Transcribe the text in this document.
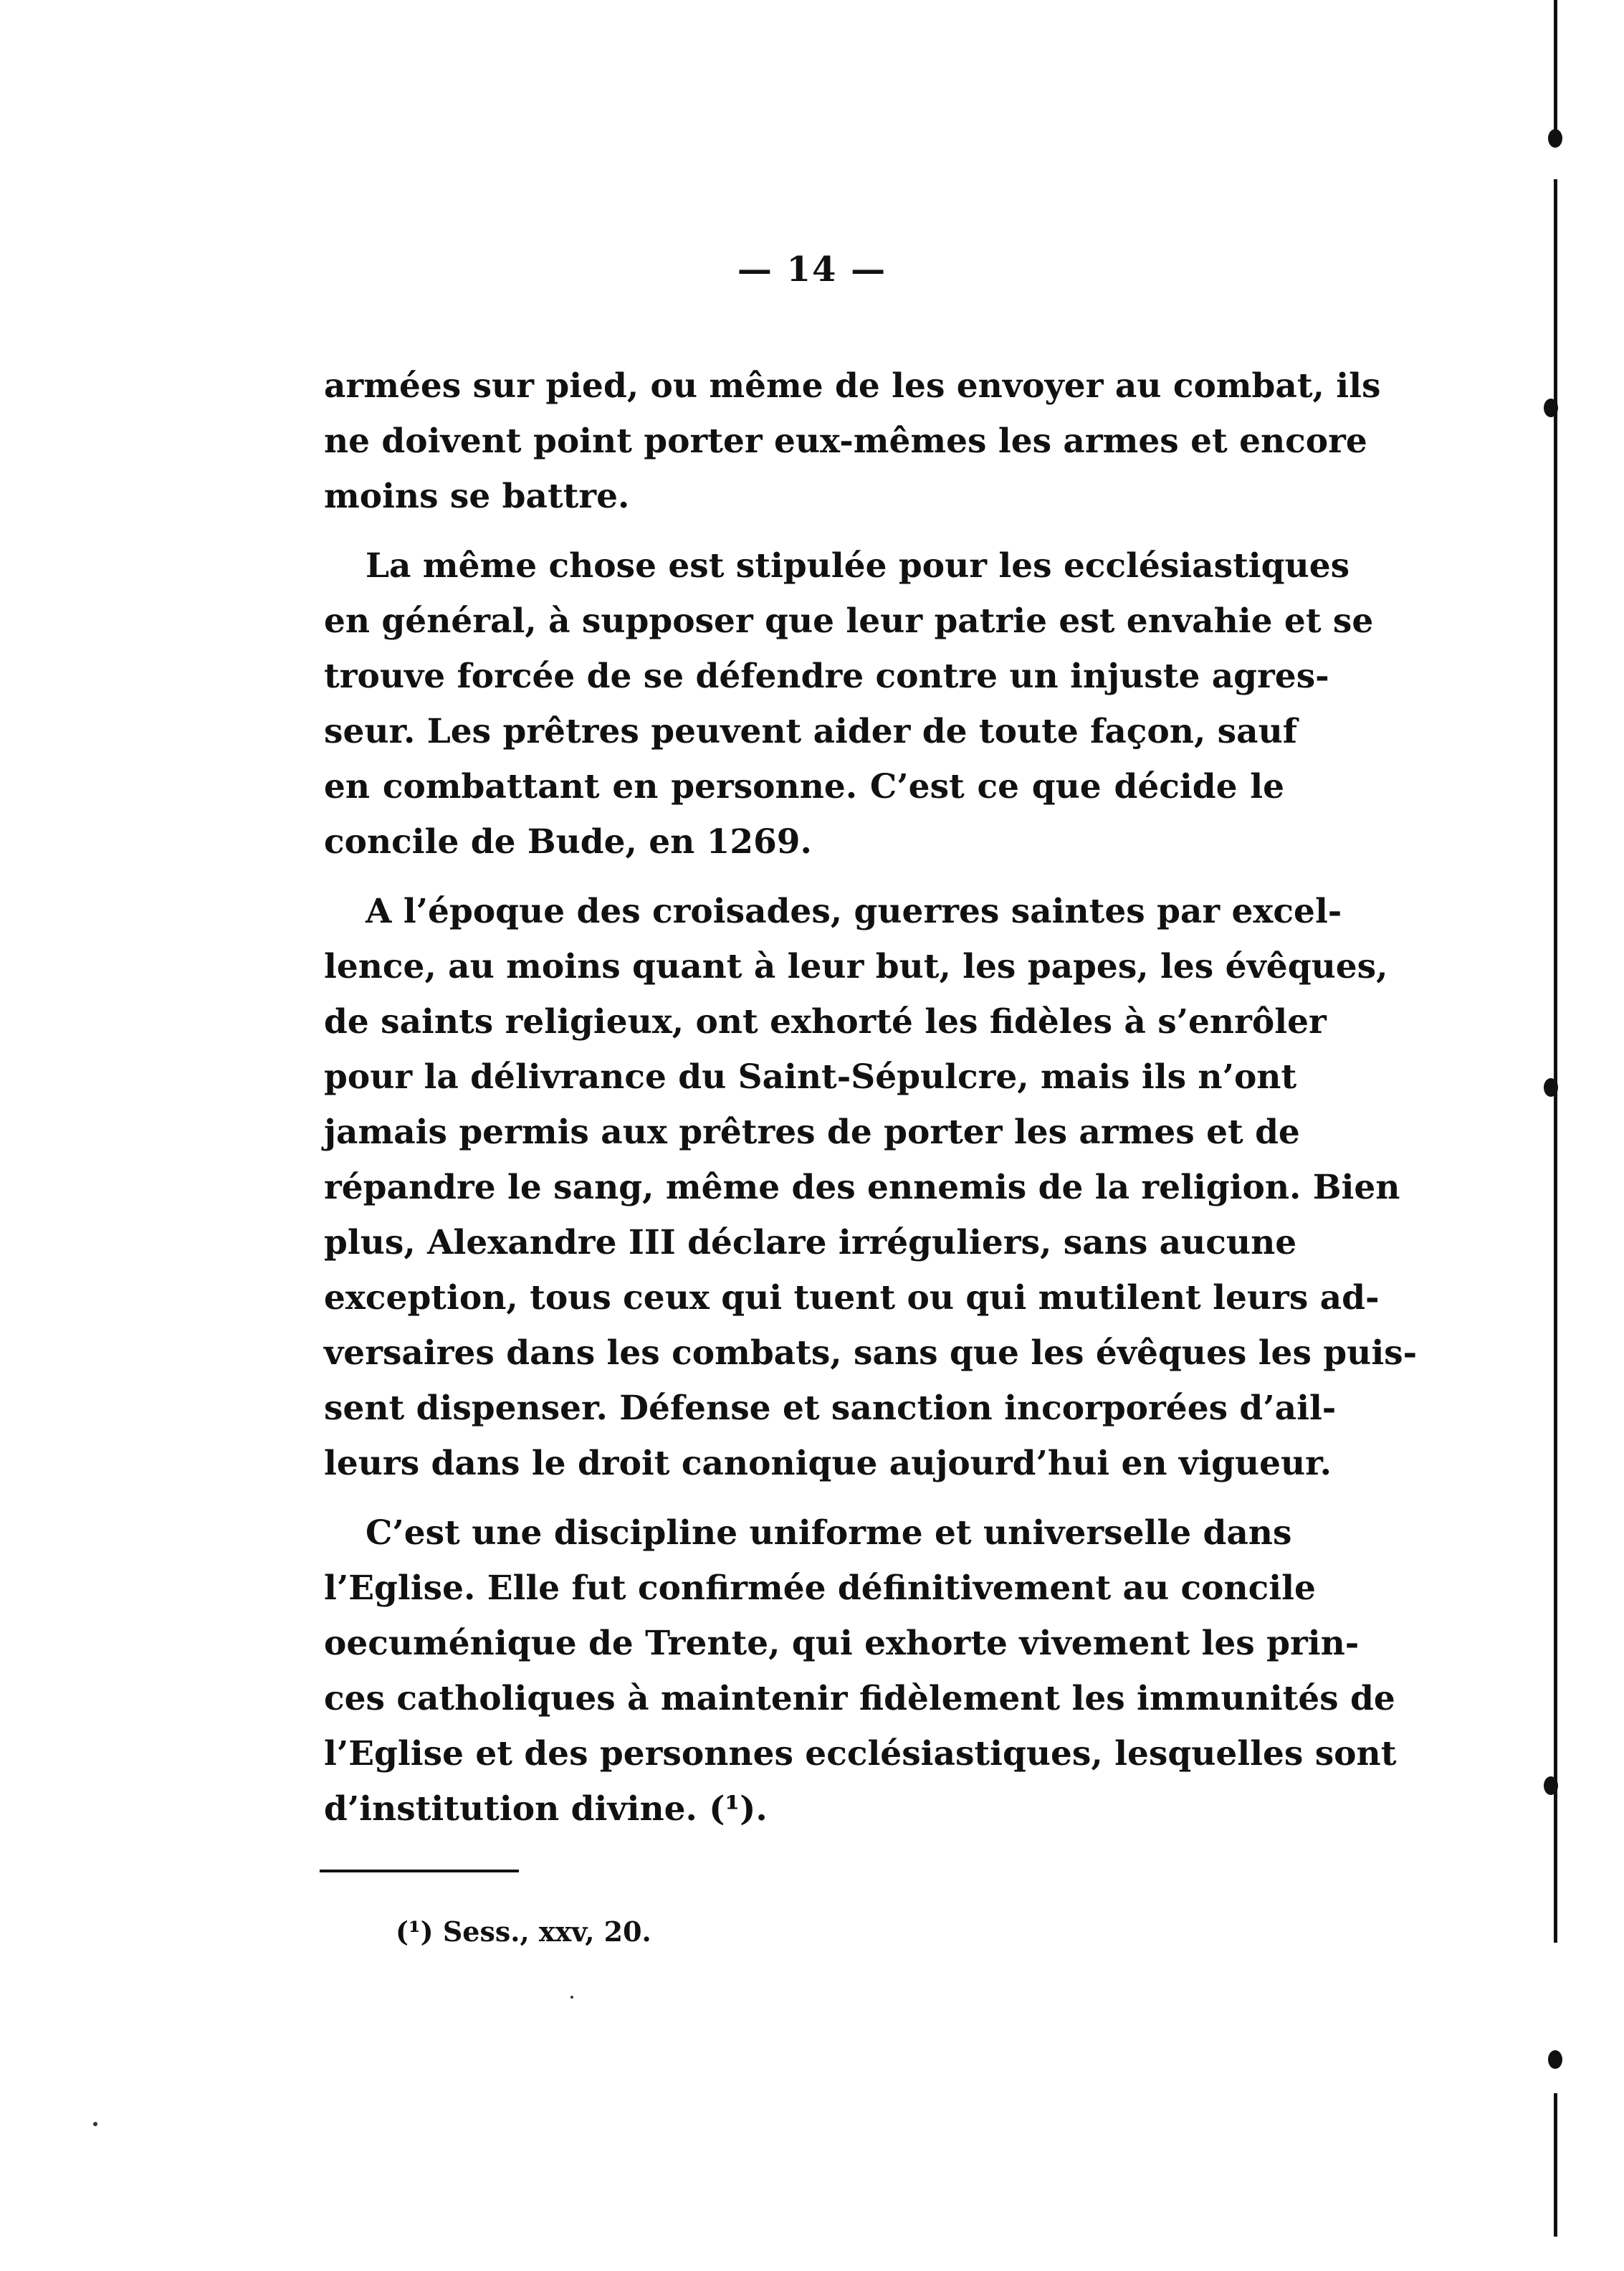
— 14 —

armées sur pied, ou même de les envoyer au combat, ils
ne doivent point porter eux-mêmes les armes et encore
moins se battre.

La même chose est stipulée pour les ecclésiastiques
en général, à supposer que leur patrie est envahie et se
trouve forcée de se défendre contre un injuste agres-
seur. Les prêtres peuvent aider de toute façon, sauf
en combattant en personne. C’est ce que décide le
concile de Bude, en 1269.

A l’époque des croisades, guerres saintes par excel-
lence, au moins quant à leur but, les papes, les évêques,
de saints religieux, ont exhorté les fidèles à s’enrôler
pour la délivrance du Saint-Sépulcre, mais ils n’ont
jamais permis aux prêtres de porter les armes et de
répandre le sang, même des ennemis de la religion. Bien
plus, Alexandre III déclare irréguliers, sans aucune
exception, tous ceux qui tuent ou qui mutilent leurs ad-
versaires dans les combats, sans que les évêques les puis-
sent dispenser. Défense et sanction incorporées d’ail-
leurs dans le droit canonique aujourd’hui en vigueur.

C’est une discipline uniforme et universelle dans
l’Eglise. Elle fut confirmée définitivement au concile
oecuménique de Trente, qui exhorte vivement les prin-
ces catholiques à maintenir fidèlement les immunités de
l’Eglise et des personnes ecclésiastiques, lesquelles sont
d’institution divine. (¹).

(¹) Sess., xxv, 20.
